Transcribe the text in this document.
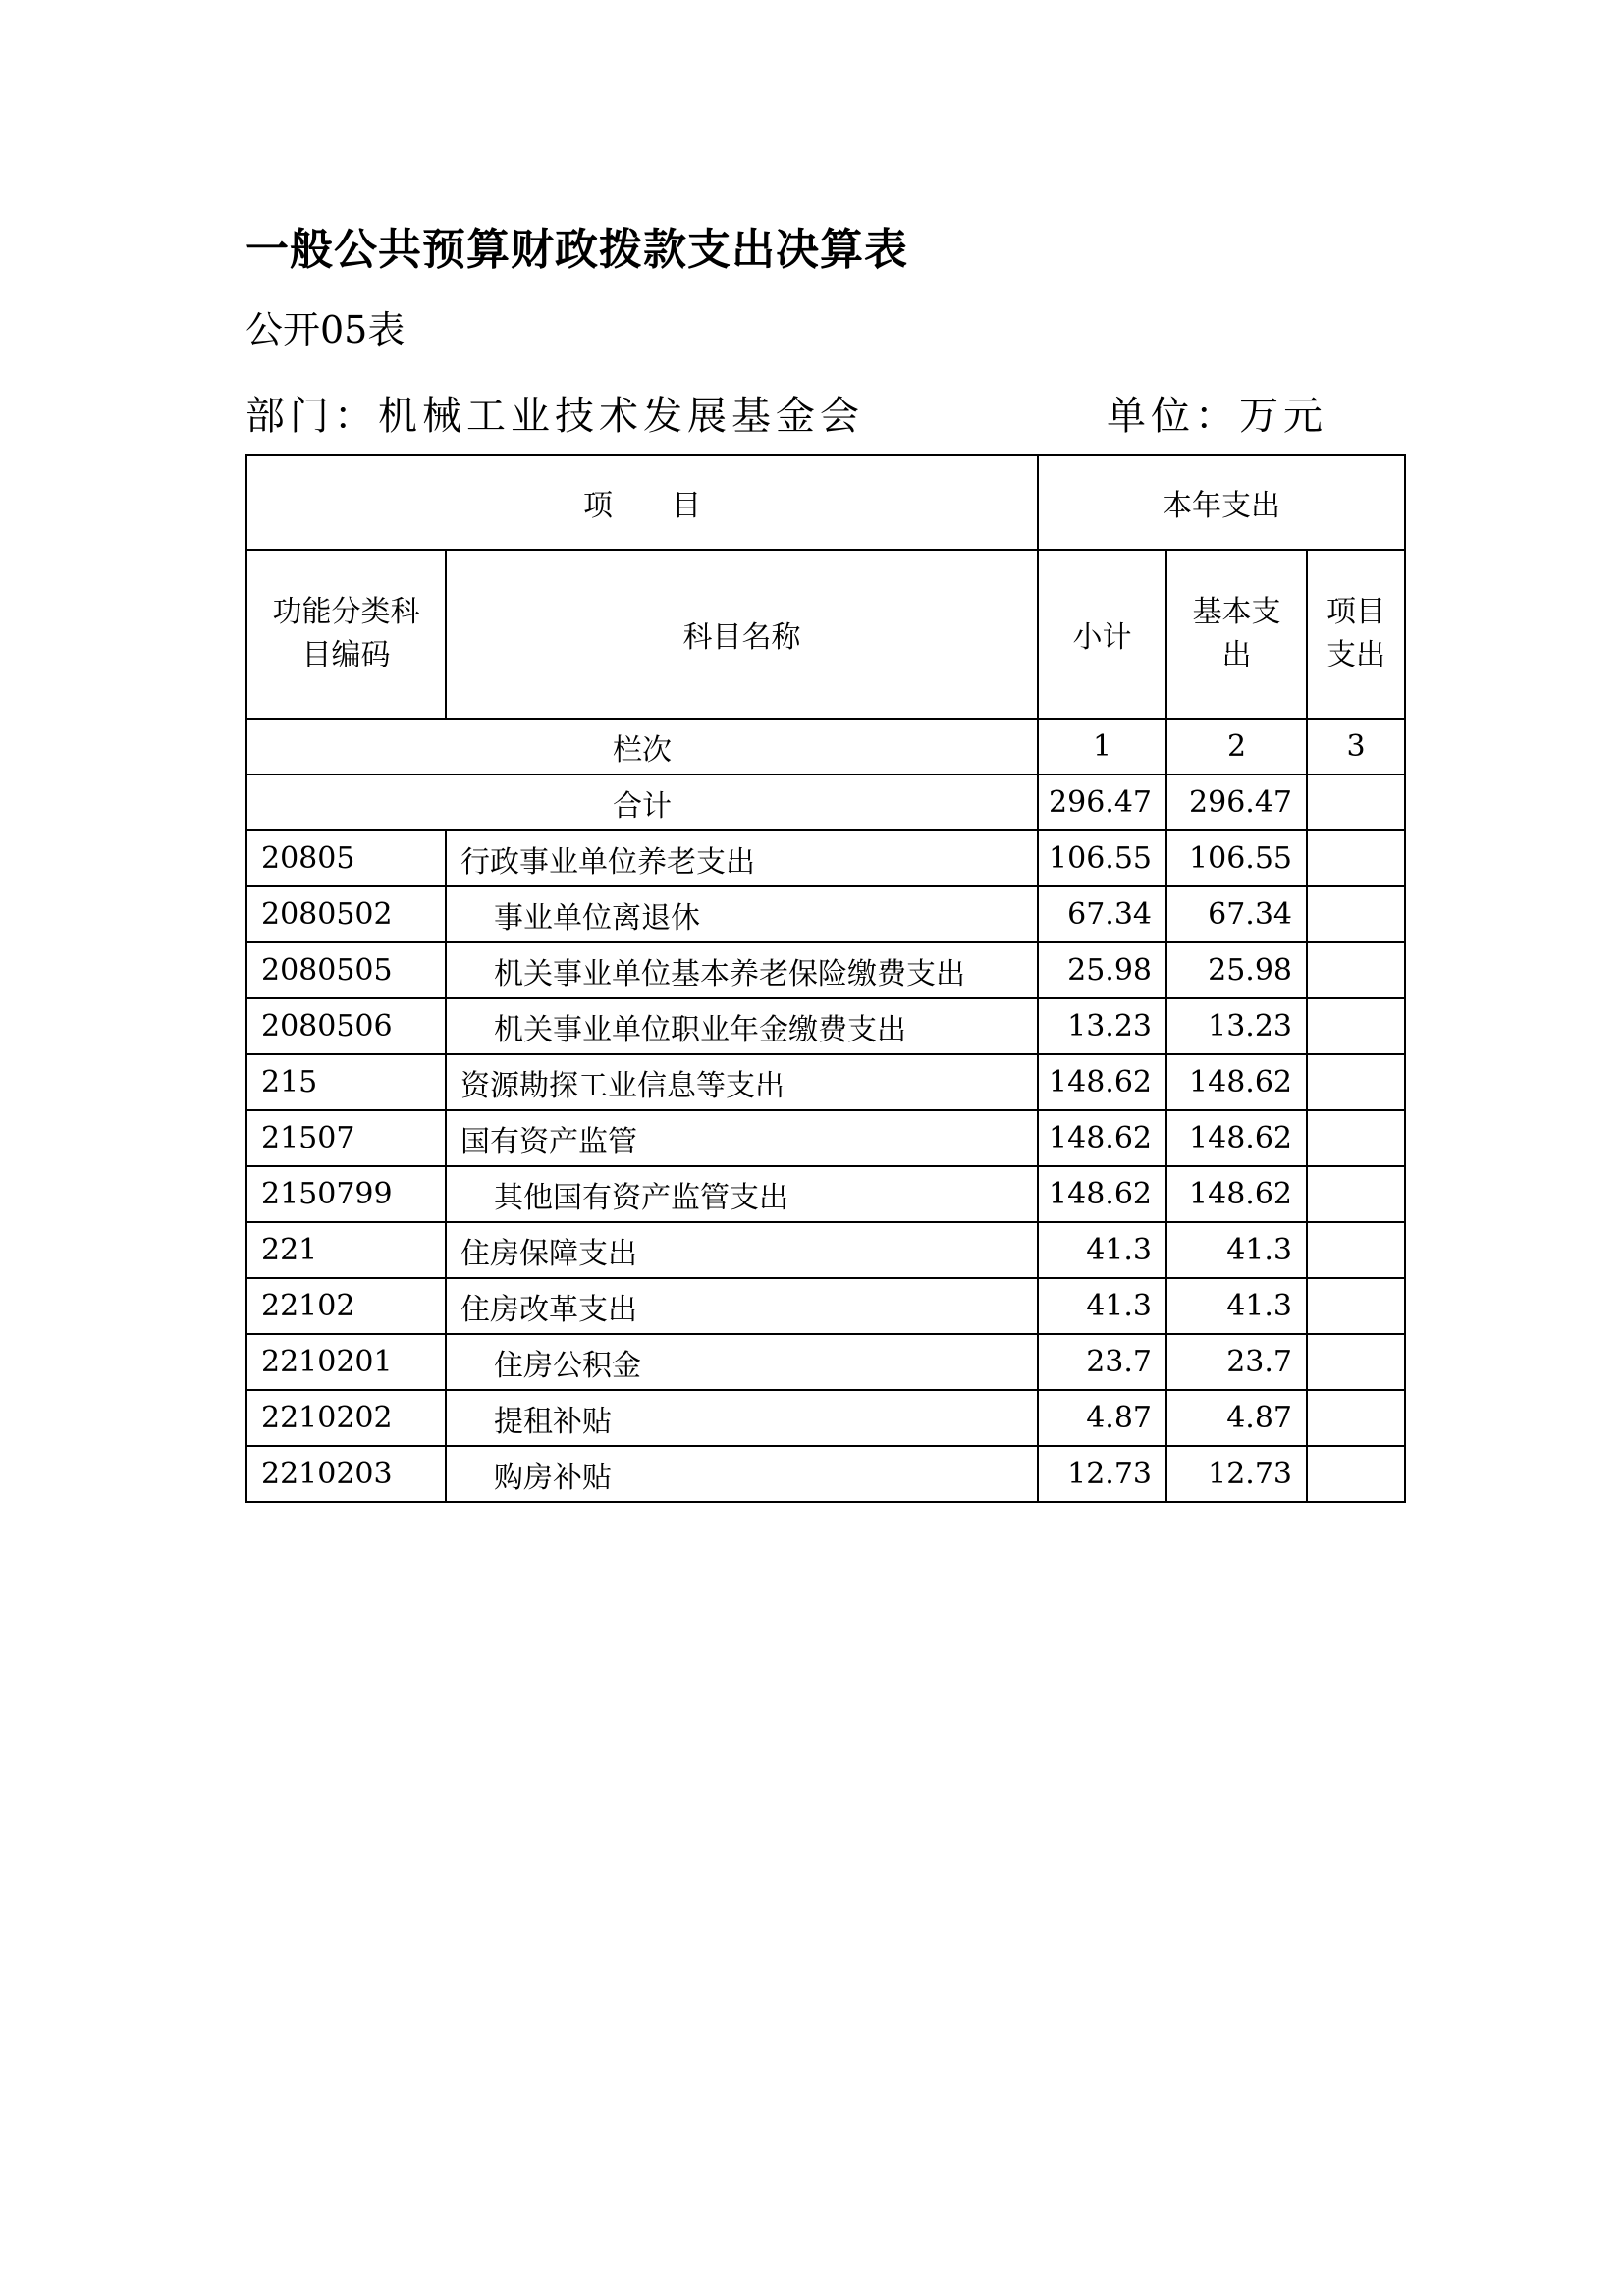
一般公共预算财政拨款支出决算表
公开05表
部门：机械工业技术发展基金会	单位：万元
项　　目		本年支出		
功能分类科目编码	科目名称	小计	基本支出	项目支出
栏次		1	2	3
合计		296.47	296.47	
20805	行政事业单位养老支出	106.55	106.55	
2080502	事业单位离退休	67.34	67.34	
2080505	机关事业单位基本养老保险缴费支出	25.98	25.98	
2080506	机关事业单位职业年金缴费支出	13.23	13.23	
215	资源勘探工业信息等支出	148.62	148.62	
21507	国有资产监管	148.62	148.62	
2150799	其他国有资产监管支出	148.62	148.62	
221	住房保障支出	41.3	41.3	
22102	住房改革支出	41.3	41.3	
2210201	住房公积金	23.7	23.7	
2210202	提租补贴	4.87	4.87	
2210203	购房补贴	12.73	12.73	
